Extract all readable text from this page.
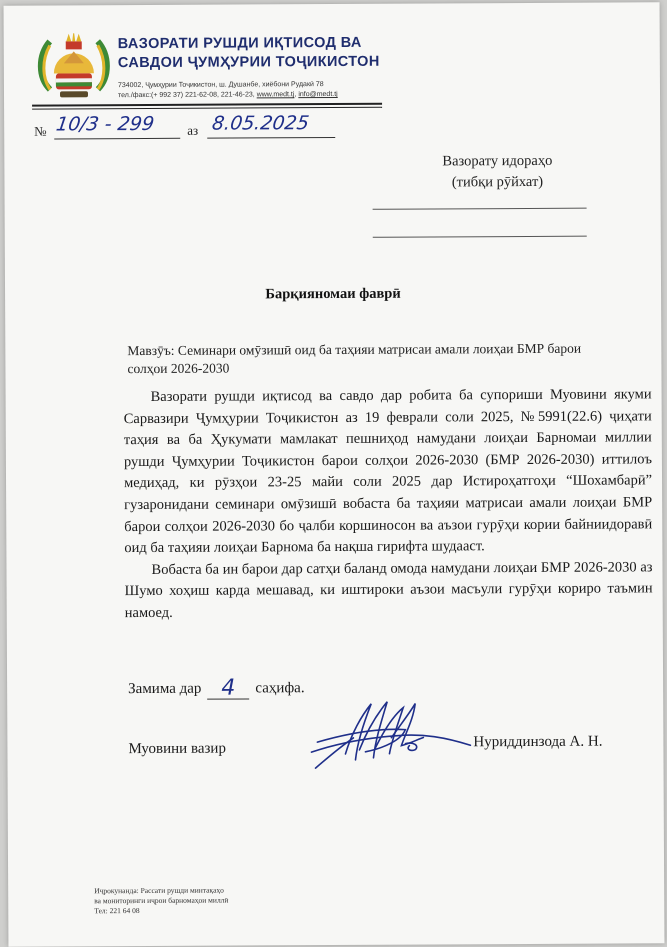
ВАЗОРАТИ РУШДИ ИҚТИСОД ВА
САВДОИ ҶУМҲУРИИ ТОҶИКИСТОН
734002, Ҷумҳурии Тоҷикистон, ш. Душанбе, хиёбони Рудакӣ 78
тел./факс:(+ 992 37) 221-62-08, 221-46-23, www.medt.tj, info@medt.tj
№ 10/3 - 299 аз 8.05.2025
Вазорату идораҳо
(тибқи рӯйхат)
Барқияномаи фаврӣ
Мавзӯъ: Семинари омӯзишӣ оид ба таҳияи матрисаи амали лоиҳаи БМР барои солҳои 2026-2030

Вазорати рушди иқтисод ва савдо дар робита ба супориши Муовини якуми Сарвазири Ҷумҳурии Тоҷикистон аз 19 феврали соли 2025, №5991(22.6) ҷиҳати таҳия ва ба Ҳукумати мамлакат пешниҳод намудани лоиҳаи Барномаи миллии рушди Ҷумҳурии Тоҷикистон барои солҳои 2026-2030 (БМР 2026-2030) иттилоъ медиҳад, ки рӯзҳои 23-25 майи соли 2025 дар Истироҳатгоҳи “Шохамбарӣ” гузаронидани семинари омӯзишӣ вобаста ба таҳияи матрисаи амали лоиҳаи БМР барои солҳои 2026-2030 бо ҷалби коршиносон ва аъзои гурӯҳи кории байниидоравӣ оид ба таҳияи лоиҳаи Барнома ба нақша гирифта шудааст.

Вобаста ба ин барои дар сатҳи баланд омода намудани лоиҳаи БМР 2026-2030 аз Шумо хоҳиш карда мешавад, ки иштироки аъзои масъули гурӯҳи кориро таъмин намоед.

Замима дар 4 саҳифа.
Муовини вазир	Нуриддинзода А. Н.
Иҷрокунанда: Расcати рушди минтақаҳо
ва мониторинги иҷрои барномаҳои миллӣ
Тел: 221 64 08
